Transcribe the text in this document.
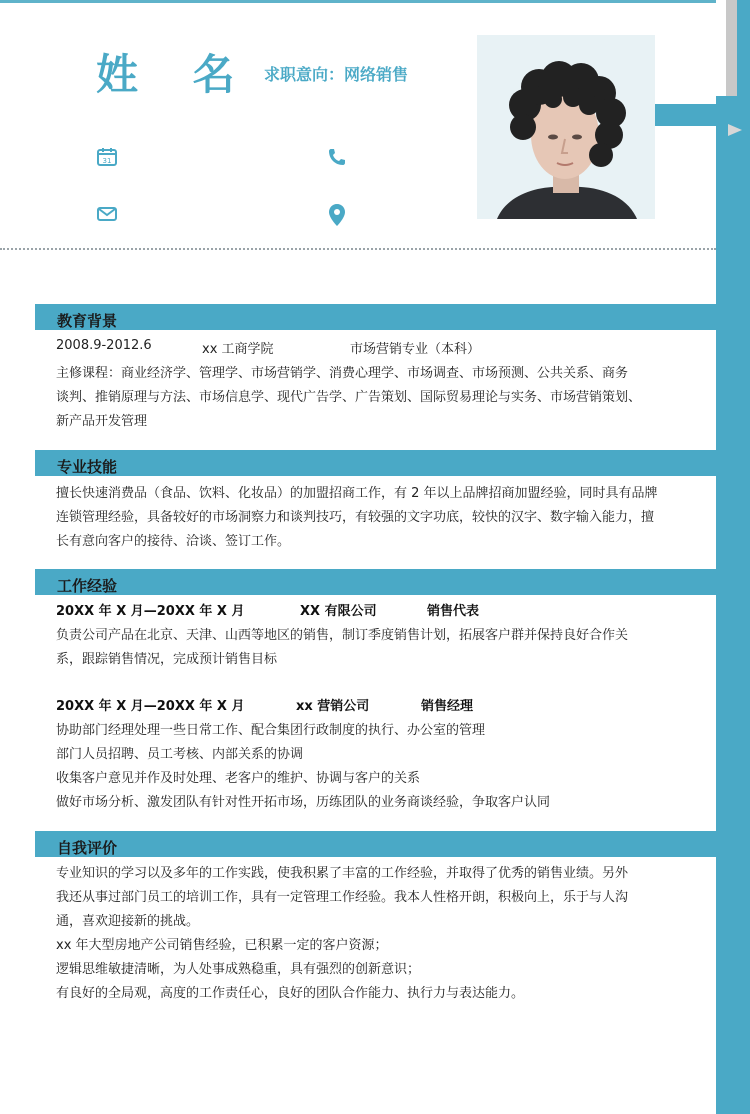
姓 名 求职意向：网络销售
31
教育背景
2008.9-2012.6	xx 工商学院	市场营销专业（本科）
主修课程：商业经济学、管理学、市场营销学、消费心理学、市场调查、市场预测、公共关系、商务
谈判、推销原理与方法、市场信息学、现代广告学、广告策划、国际贸易理论与实务、市场营销策划、
新产品开发管理
专业技能
擅长快速消费品（食品、饮料、化妆品）的加盟招商工作，有 2 年以上品牌招商加盟经验，同时具有品牌
连锁管理经验，具备较好的市场洞察力和谈判技巧，有较强的文字功底，较快的汉字、数字输入能力，擅
长有意向客户的接待、洽谈、签订工作。
工作经验
20XX 年 X 月—20XX 年 X 月	XX 有限公司	销售代表
负责公司产品在北京、天津、山西等地区的销售，制订季度销售计划，拓展客户群并保持良好合作关
系，跟踪销售情况，完成预计销售目标
20XX 年 X 月—20XX 年 X 月	xx 营销公司	销售经理
协助部门经理处理一些日常工作、配合集团行政制度的执行、办公室的管理
部门人员招聘、员工考核、内部关系的协调
收集客户意见并作及时处理、老客户的维护、协调与客户的关系
做好市场分析、激发团队有针对性开拓市场，历练团队的业务商谈经验，争取客户认同
自我评价
专业知识的学习以及多年的工作实践，使我积累了丰富的工作经验，并取得了优秀的销售业绩。另外
我还从事过部门员工的培训工作，具有一定管理工作经验。我本人性格开朗，积极向上，乐于与人沟
通，喜欢迎接新的挑战。
xx 年大型房地产公司销售经验，已积累一定的客户资源；
逻辑思维敏捷清晰，为人处事成熟稳重，具有强烈的创新意识；
有良好的全局观，高度的工作责任心，良好的团队合作能力、执行力与表达能力。
